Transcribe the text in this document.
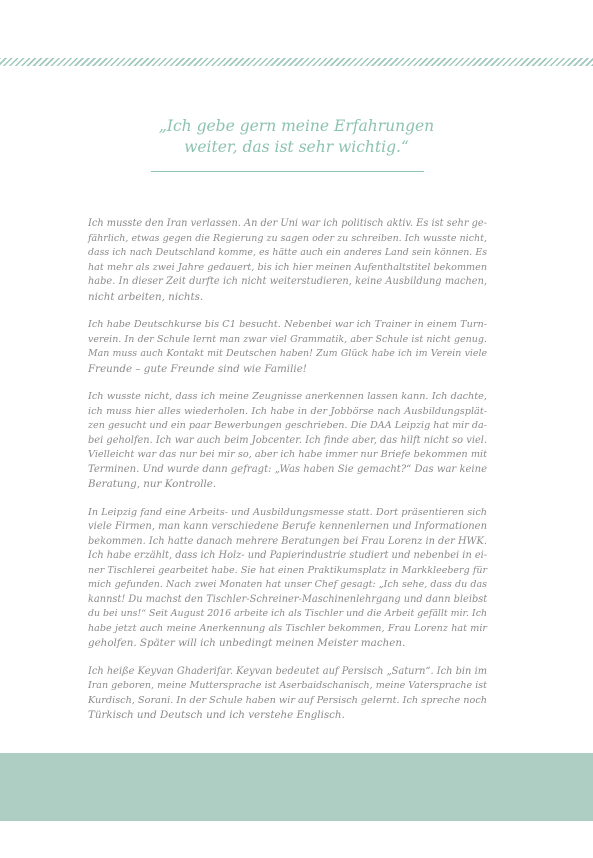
„Ich gebe gern meine Erfahrungen
weiter, das ist sehr wichtig.“
Ich musste den Iran verlassen. An der Uni war ich politisch aktiv. Es ist sehr ge-
fährlich, etwas gegen die Regierung zu sagen oder zu schreiben. Ich wusste nicht,
dass ich nach Deutschland komme, es hätte auch ein anderes Land sein können. Es
hat mehr als zwei Jahre gedauert, bis ich hier meinen Aufenthaltstitel bekommen
habe. In dieser Zeit durfte ich nicht weiterstudieren, keine Ausbildung machen,
nicht arbeiten, nichts.
Ich habe Deutschkurse bis C1 besucht. Nebenbei war ich Trainer in einem Turn-
verein. In der Schule lernt man zwar viel Grammatik, aber Schule ist nicht genug.
Man muss auch Kontakt mit Deutschen haben! Zum Glück habe ich im Verein viele
Freunde – gute Freunde sind wie Familie!
Ich wusste nicht, dass ich meine Zeugnisse anerkennen lassen kann. Ich dachte,
ich muss hier alles wiederholen. Ich habe in der Jobbörse nach Ausbildungsplät-
zen gesucht und ein paar Bewerbungen geschrieben. Die DAA Leipzig hat mir da-
bei geholfen. Ich war auch beim Jobcenter. Ich finde aber, das hilft nicht so viel.
Vielleicht war das nur bei mir so, aber ich habe immer nur Briefe bekommen mit
Terminen. Und wurde dann gefragt: „Was haben Sie gemacht?“ Das war keine
Beratung, nur Kontrolle.
In Leipzig fand eine Arbeits- und Ausbildungsmesse statt. Dort präsentieren sich
viele Firmen, man kann verschiedene Berufe kennenlernen und Informationen
bekommen. Ich hatte danach mehrere Beratungen bei Frau Lorenz in der HWK.
Ich habe erzählt, dass ich Holz- und Papierindustrie studiert und nebenbei in ei-
ner Tischlerei gearbeitet habe. Sie hat einen Praktikumsplatz in Markkleeberg für
mich gefunden. Nach zwei Monaten hat unser Chef gesagt: „Ich sehe, dass du das
kannst! Du machst den Tischler-Schreiner-Maschinenlehrgang und dann bleibst
du bei uns!“ Seit August 2016 arbeite ich als Tischler und die Arbeit gefällt mir. Ich
habe jetzt auch meine Anerkennung als Tischler bekommen, Frau Lorenz hat mir
geholfen. Später will ich unbedingt meinen Meister machen.
Ich heiße Keyvan Ghaderifar. Keyvan bedeutet auf Persisch „Saturn“. Ich bin im
Iran geboren, meine Muttersprache ist Aserbaidschanisch, meine Vatersprache ist
Kurdisch, Sorani. In der Schule haben wir auf Persisch gelernt. Ich spreche noch
Türkisch und Deutsch und ich verstehe Englisch.
